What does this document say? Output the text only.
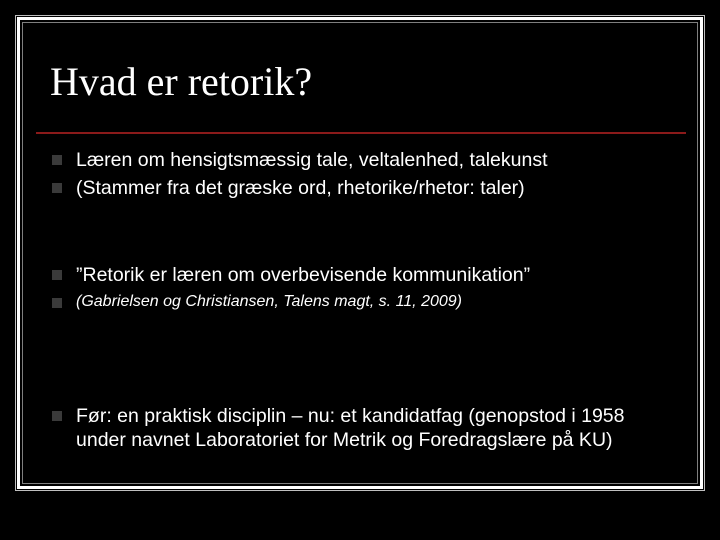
Hvad er retorik?
Læren om hensigtsmæssig tale, veltalenhed, talekunst
(Stammer fra det græske ord, rhetorike/rhetor: taler)
”Retorik er læren om overbevisende kommunikation”
(Gabrielsen og Christiansen, Talens magt, s. 11, 2009)
Før: en praktisk disciplin – nu: et kandidatfag (genopstod i 1958 under navnet Laboratoriet for Metrik og Foredragslære på KU)
